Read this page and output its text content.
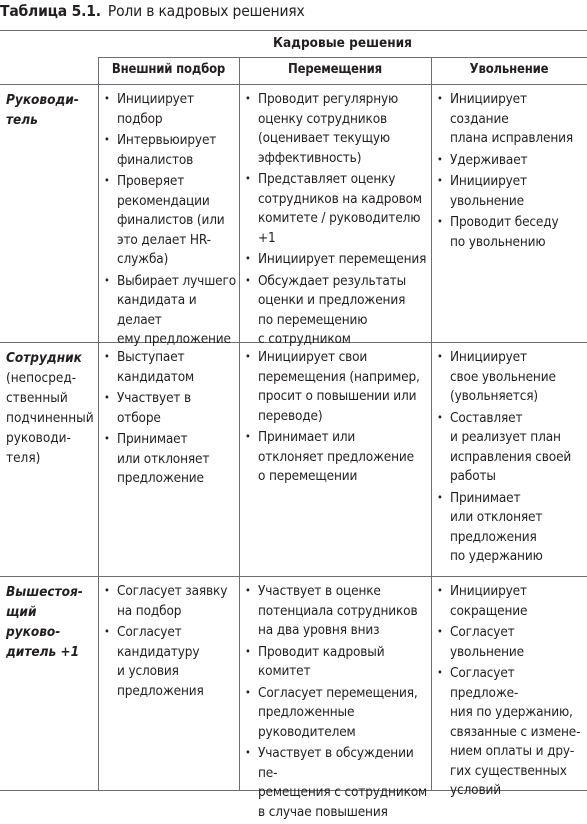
Таблица 5.1. Роли в кадровых решениях
Кадровые решения
Внешний подбор	Перемещения	Увольнение
Руководи-
тель
• Инициирует подбор
• Интервьюирует
финалистов
• Проверяет
рекомендации
финалистов (или
это делает HR-
служба)
• Выбирает лучшего
кандидата и делает
ему предложение
• Проводит регулярную
оценку сотрудников
(оценивает текущую
эффективность)
• Представляет оценку
сотрудников на кадровом
комитете / руководителю +1
• Инициирует перемещения
• Обсуждает результаты
оценки и предложения
по перемещению
с сотрудником
• Инициирует создание
плана исправления
• Удерживает
• Инициирует
увольнение
• Проводит беседу
по увольнению
Сотрудник
(непосред-
ственный
подчиненный
руководи-
теля)
• Выступает
кандидатом
• Участвует в отборе
• Принимает
или отклоняет
предложение
• Инициирует свои
перемещения (например,
просит о повышении или
переводе)
• Принимает или
отклоняет предложение
о перемещении
• Инициирует
свое увольнение
(увольняется)
• Составляет
и реализует план
исправления своей
работы
• Принимает
или отклоняет
предложения
по удержанию
Вышестоя-
щий руково-
дитель +1
• Согласует заявку
на подбор
• Согласует
кандидатуру
и условия
предложения
• Участвует в оценке
потенциала сотрудников
на два уровня вниз
• Проводит кадровый комитет
• Согласует перемещения,
предложенные
руководителем
• Участвует в обсуждении пе-
ремещения с сотрудником
в случае повышения
• Инициирует
сокращение
• Согласует увольнение
• Согласует предложе-
ния по удержанию,
связанные с измене-
нием оплаты и дру-
гих существенных
условий
